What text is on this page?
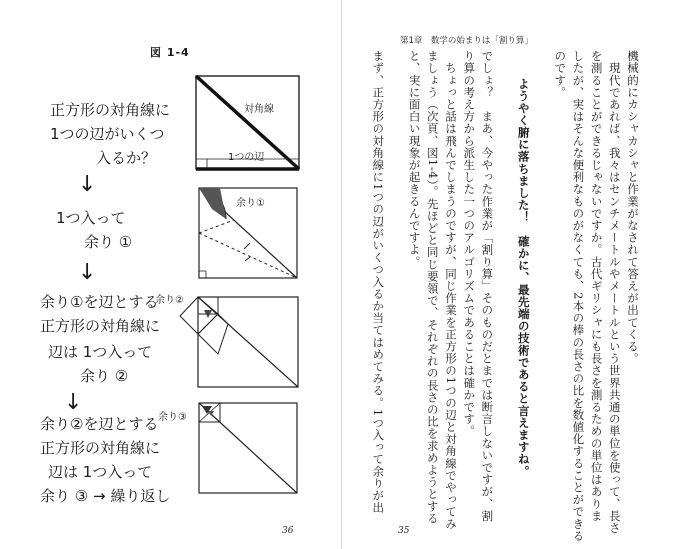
図 1-4
正方形の対角線に
1つの辺がいくつ
入るか？
↓
1つ入って
余り ①
↓
余り①を辺とする
正方形の対角線に
辺は 1つ入って
余り ②
↓
余り②を辺とする
正方形の対角線に
辺は 1つ入って
余り ③ → 繰り返し
対角線
1つの辺
余り①
余り②
余り③
36
第1章　数学の始まりは「割り算」
機械的にカシャカシャと作業がなされて答えが出てくる。
　現代であれば、我々はセンチメートルやメートルという世界共通の単位を使って、長さ
を測ることができるじゃないですか。古代ギリシャにも長さを測るための単位はありま
したが、実はそんな便利なものがなくても、2本の棒の長さの比を数値化することができる
のです。
ようやく腑に落ちました！　確かに、最先端の技術であると言えますね。
でしょ？　まあ、今やった作業が「割り算」そのものだとまでは断言しないですが、割
り算の考え方から派生した一つのアルゴリズムであることは確かです。
　ちょっと話は飛んでしまうのですが、同じ作業を正方形の1つの辺と対角線でやってみ
ましょう（次頁、図1-4）。先ほどと同じ要領で、それぞれの長さの比を求めようとする
と、実に面白い現象が起きるんですよ。
まず、正方形の対角線に1つの辺がいくつ入るか当てはめてみる。1つ入って余りが出
35
